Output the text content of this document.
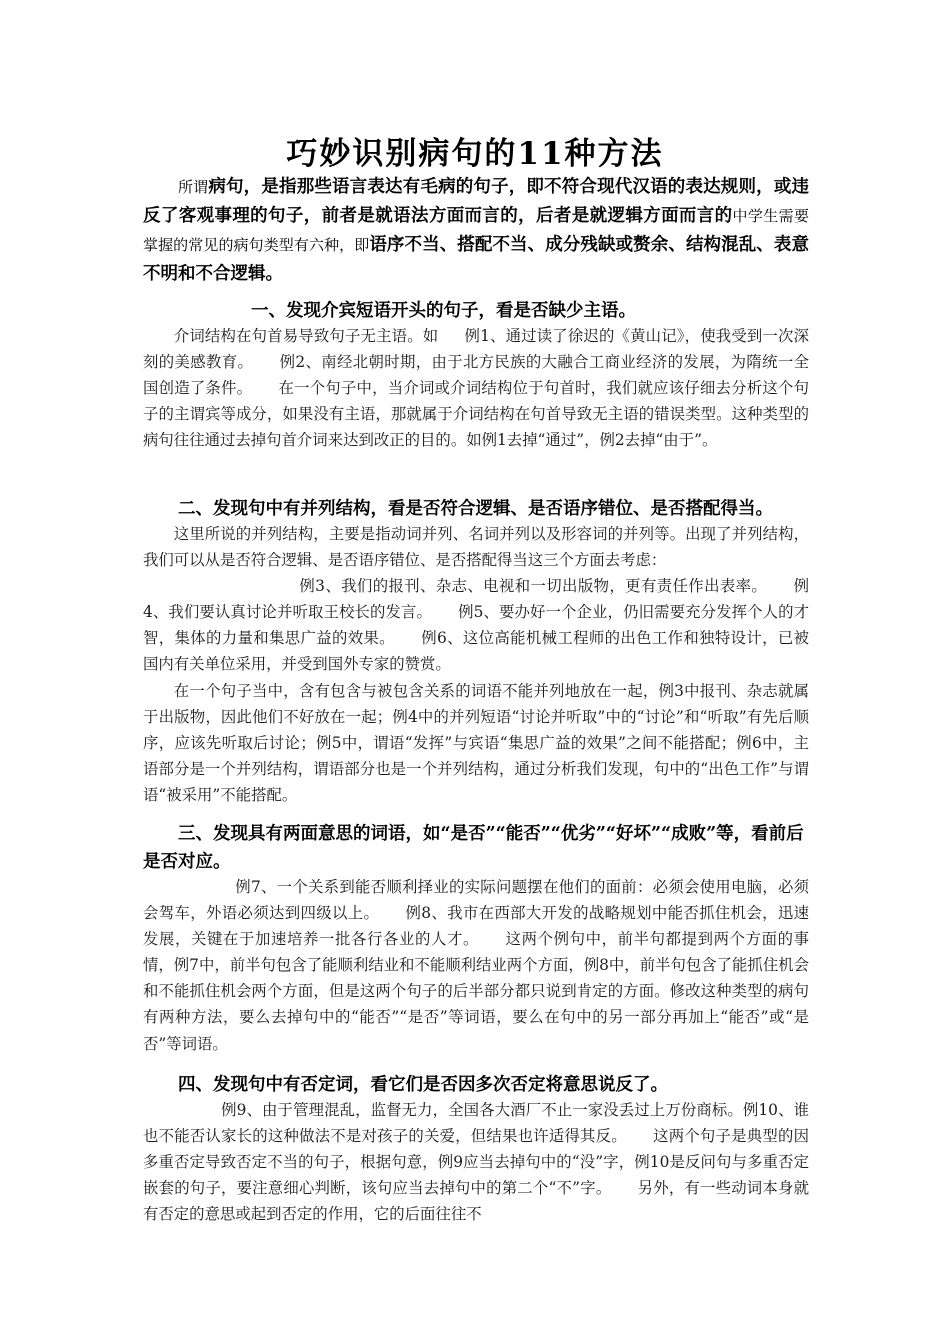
巧妙识别病句的11种方法
所谓病句，是指那些语言表达有毛病的句子，即不符合现代汉语的表达规则，或违反了客观事理的句子，前者是就语法方面而言的，后者是就逻辑方面而言的中学生需要掌握的常见的病句类型有六种，即语序不当、搭配不当、成分残缺或赘余、结构混乱、表意不明和不合逻辑。
一、发现介宾短语开头的句子，看是否缺少主语。
介词结构在句首易导致句子无主语。如 例1、通过读了徐迟的《黄山记》，使我受到一次深刻的美感教育。 例2、南经北朝时期，由于北方民族的大融合工商业经济的发展，为隋统一全国创造了条件。 在一个句子中，当介词或介词结构位于句首时，我们就应该仔细去分析这个句子的主谓宾等成分，如果没有主语，那就属于介词结构在句首导致无主语的错误类型。这种类型的病句往往通过去掉句首介词来达到改正的目的。如例1去掉“通过”，例2去掉“由于”。
二、发现句中有并列结构，看是否符合逻辑、是否语序错位、是否搭配得当。

这里所说的并列结构，主要是指动词并列、名词并列以及形容词的并列等。出现了并列结构，我们可以从是否符合逻辑、是否语序错位、是否搭配得当这三个方面去考虑：

例3、我们的报刊、杂志、电视和一切出版物，更有责任作出表率。 例4、我们要认真讨论并听取王校长的发言。 例5、要办好一个企业，仍旧需要充分发挥个人的才智，集体的力量和集思广益的效果。 例6、这位高能机械工程师的出色工作和独特设计，已被国内有关单位采用，并受到国外专家的赞赏。

在一个句子当中，含有包含与被包含关系的词语不能并列地放在一起，例3中报刊、杂志就属于出版物，因此他们不好放在一起；例4中的并列短语“讨论并听取”中的“讨论”和“听取”有先后顺序，应该先听取后讨论；例5中，谓语“发挥”与宾语“集思广益的效果”之间不能搭配；例6中，主语部分是一个并列结构，谓语部分也是一个并列结构，通过分析我们发现，句中的“出色工作”与谓语“被采用”不能搭配。

三、发现具有两面意思的词语，如“是否”“能否”“优劣”“好坏”“成败”等，看前后是否对应。
例7、一个关系到能否顺利择业的实际问题摆在他们的面前：必须会使用电脑，必须会驾车，外语必须达到四级以上。 例8、我市在西部大开发的战略规划中能否抓住机会，迅速发展，关键在于加速培养一批各行各业的人才。 这两个例句中，前半句都提到两个方面的事情，例7中，前半句包含了能顺利结业和不能顺利结业两个方面，例8中，前半句包含了能抓住机会和不能抓住机会两个方面，但是这两个句子的后半部分都只说到肯定的方面。修改这种类型的病句有两种方法，要么去掉句中的“能否”“是否”等词语，要么在句中的另一部分再加上“能否”或“是否”等词语。
四、发现句中有否定词，看它们是否因多次否定将意思说反了。
例9、由于管理混乱，监督无力，全国各大酒厂不止一家没丢过上万份商标。例10、谁也不能否认家长的这种做法不是对孩子的关爱，但结果也许适得其反。 这两个句子是典型的因多重否定导致否定不当的句子，根据句意，例9应当去掉句中的“没”字，例10是反问句与多重否定嵌套的句子，要注意细心判断，该句应当去掉句中的第二个“不”字。 另外，有一些动词本身就有否定的意思或起到否定的作用，它的后面往往不
